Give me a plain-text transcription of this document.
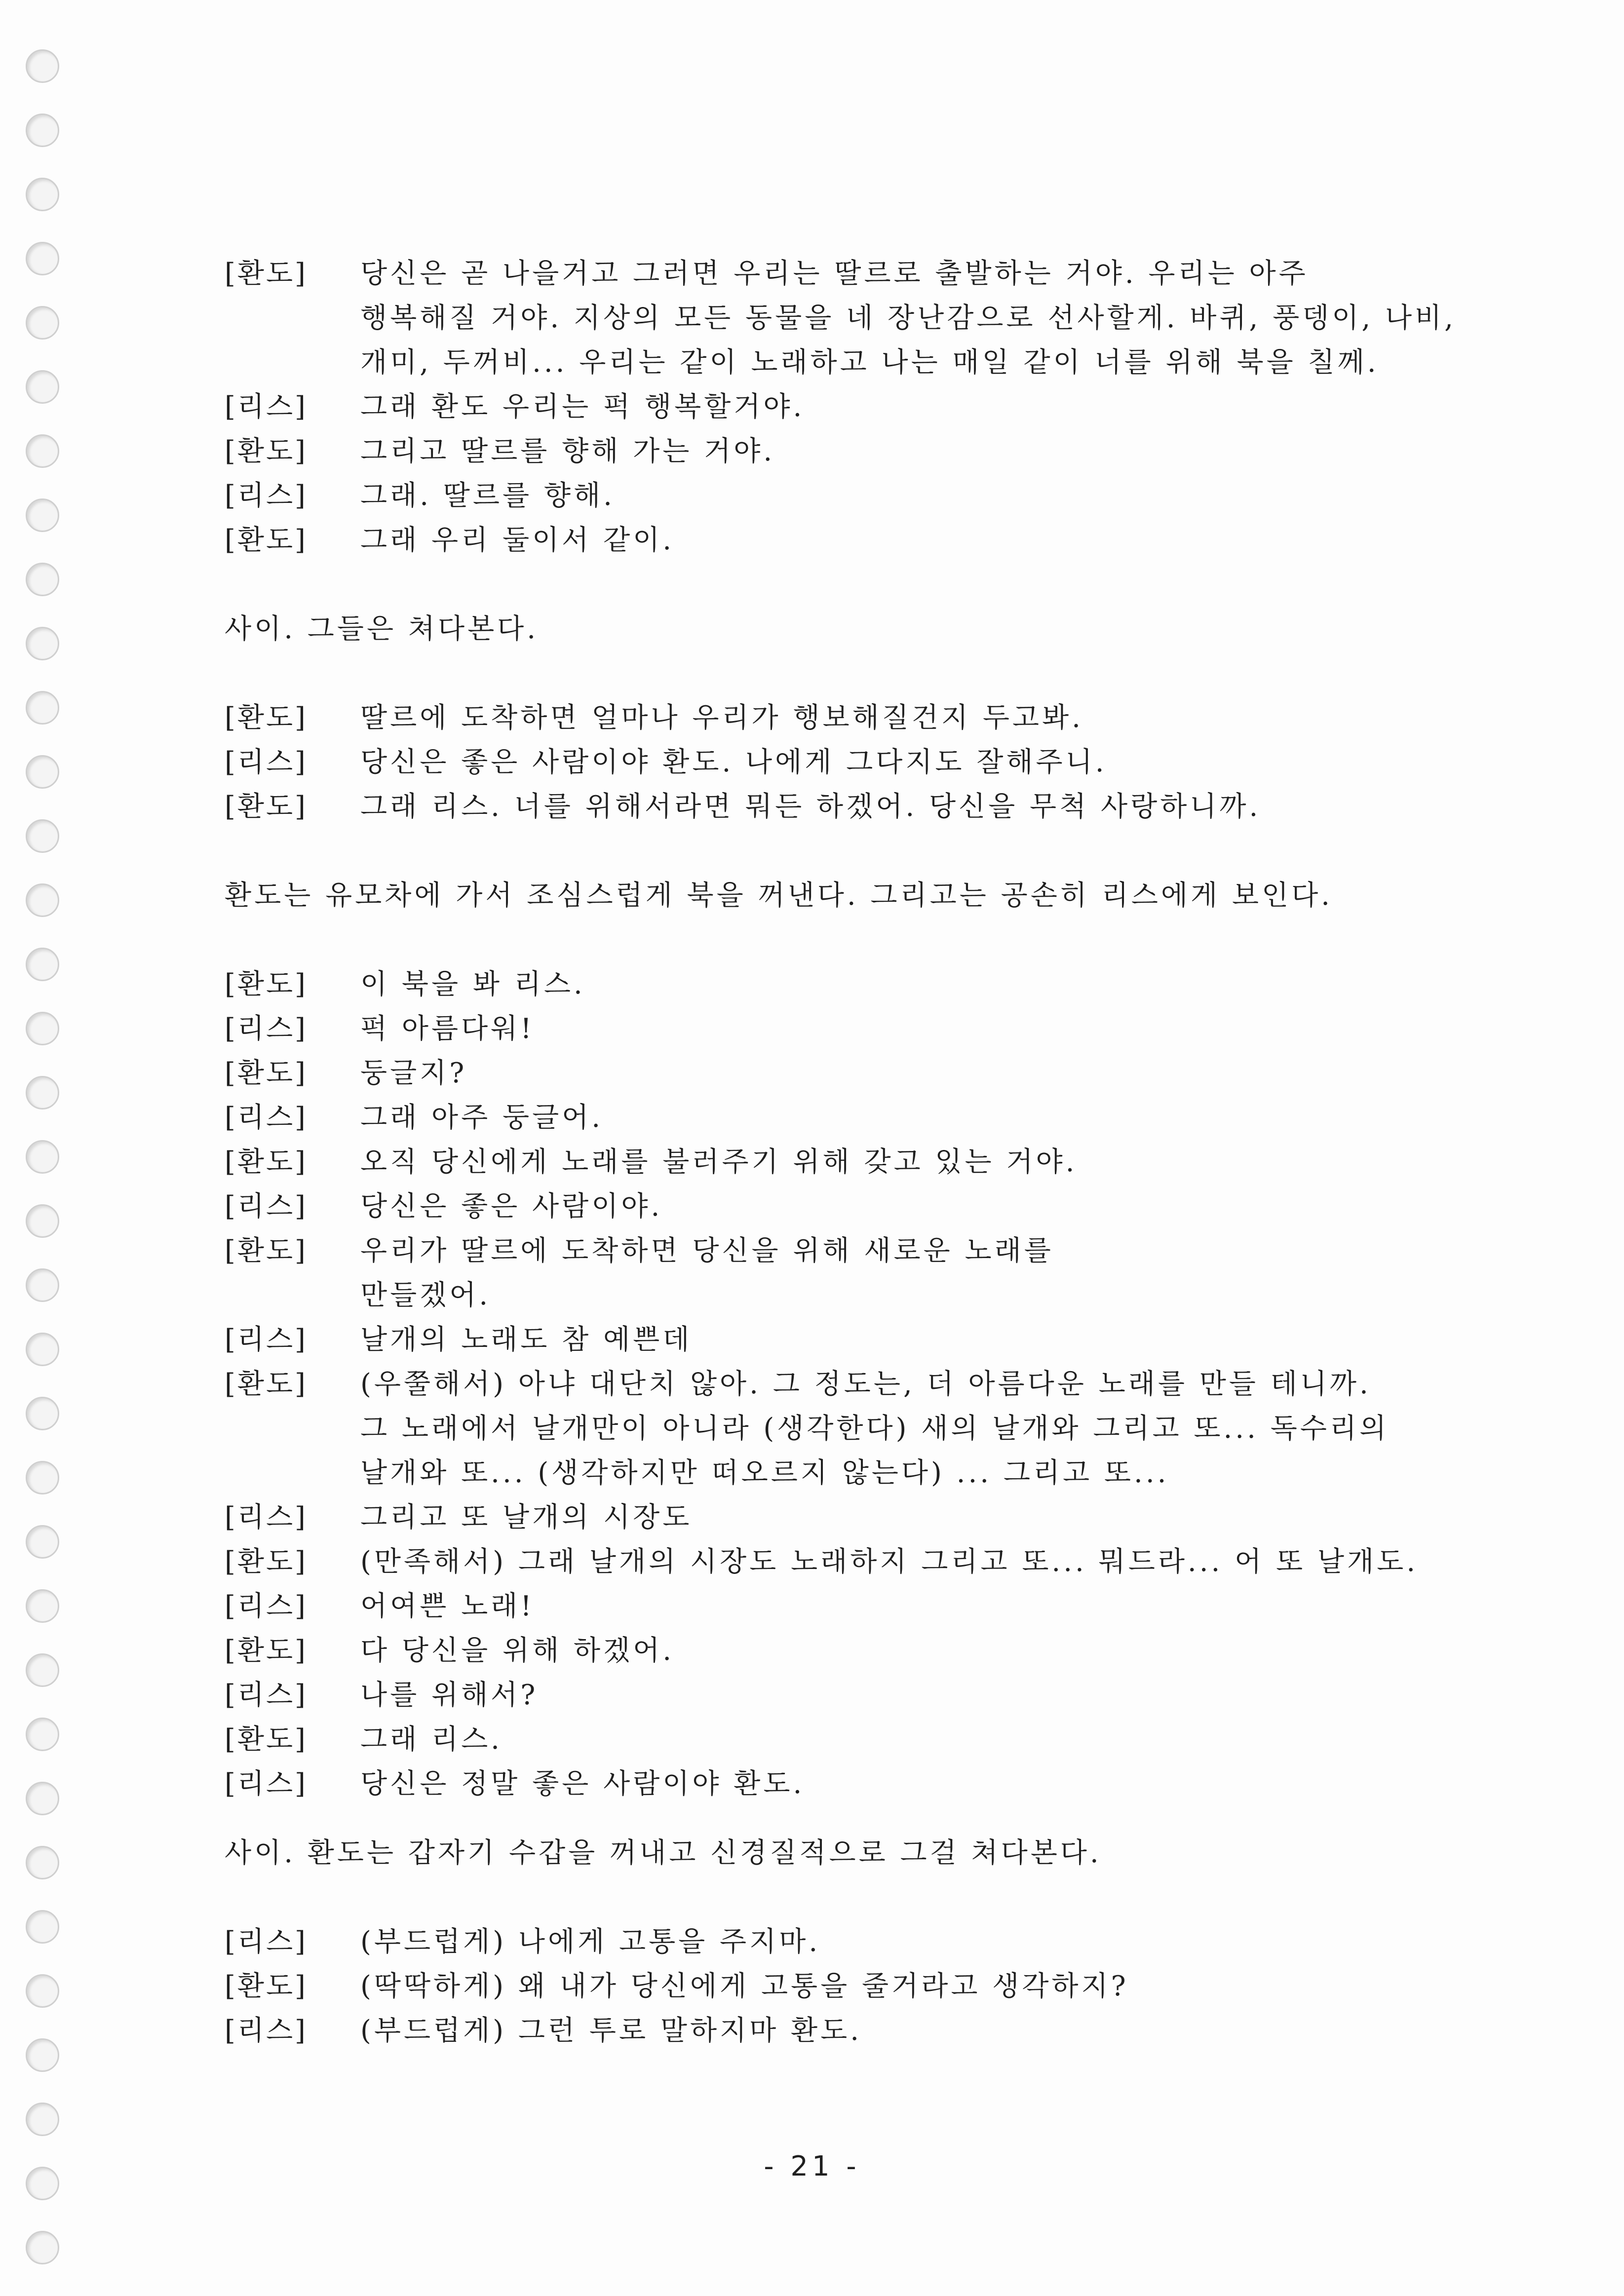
[환도] 당신은 곧 나을거고 그러면 우리는 딸르로 출발하는 거야. 우리는 아주
행복해질 거야. 지상의 모든 동물을 네 장난감으로 선사할게. 바퀴, 풍뎅이, 나비,
개미, 두꺼비... 우리는 같이 노래하고 나는 매일 같이 너를 위해 북을 칠께.
[리스] 그래 환도 우리는 퍽 행복할거야.
[환도] 그리고 딸르를 향해 가는 거야.
[리스] 그래. 딸르를 향해.
[환도] 그래 우리 둘이서 같이.
사이. 그들은 쳐다본다.
[환도] 딸르에 도착하면 얼마나 우리가 행보해질건지 두고봐.
[리스] 당신은 좋은 사람이야 환도. 나에게 그다지도 잘해주니.
[환도] 그래 리스. 너를 위해서라면 뭐든 하겠어. 당신을 무척 사랑하니까.
환도는 유모차에 가서 조심스럽게 북을 꺼낸다. 그리고는 공손히 리스에게 보인다.
[환도] 이 북을 봐 리스.
[리스] 퍽 아름다워!
[환도] 둥글지?
[리스] 그래 아주 둥글어.
[환도] 오직 당신에게 노래를 불러주기 위해 갖고 있는 거야.
[리스] 당신은 좋은 사람이야.
[환도] 우리가 딸르에 도착하면 당신을 위해 새로운 노래를
만들겠어.
[리스] 날개의 노래도 참 예쁜데
[환도] (우쭐해서) 아냐 대단치 않아. 그 정도는, 더 아름다운 노래를 만들 테니까.
그 노래에서 날개만이 아니라 (생각한다) 새의 날개와 그리고 또... 독수리의
날개와 또... (생각하지만 떠오르지 않는다) ... 그리고 또...
[리스] 그리고 또 날개의 시장도
[환도] (만족해서) 그래 날개의 시장도 노래하지 그리고 또... 뭐드라... 어 또 날개도.
[리스] 어여쁜 노래!
[환도] 다 당신을 위해 하겠어.
[리스] 나를 위해서?
[환도] 그래 리스.
[리스] 당신은 정말 좋은 사람이야 환도.
사이. 환도는 갑자기 수갑을 꺼내고 신경질적으로 그걸 쳐다본다.
[리스] (부드럽게) 나에게 고통을 주지마.
[환도] (딱딱하게) 왜 내가 당신에게 고통을 줄거라고 생각하지?
[리스] (부드럽게) 그런 투로 말하지마 환도.
- 21 -
